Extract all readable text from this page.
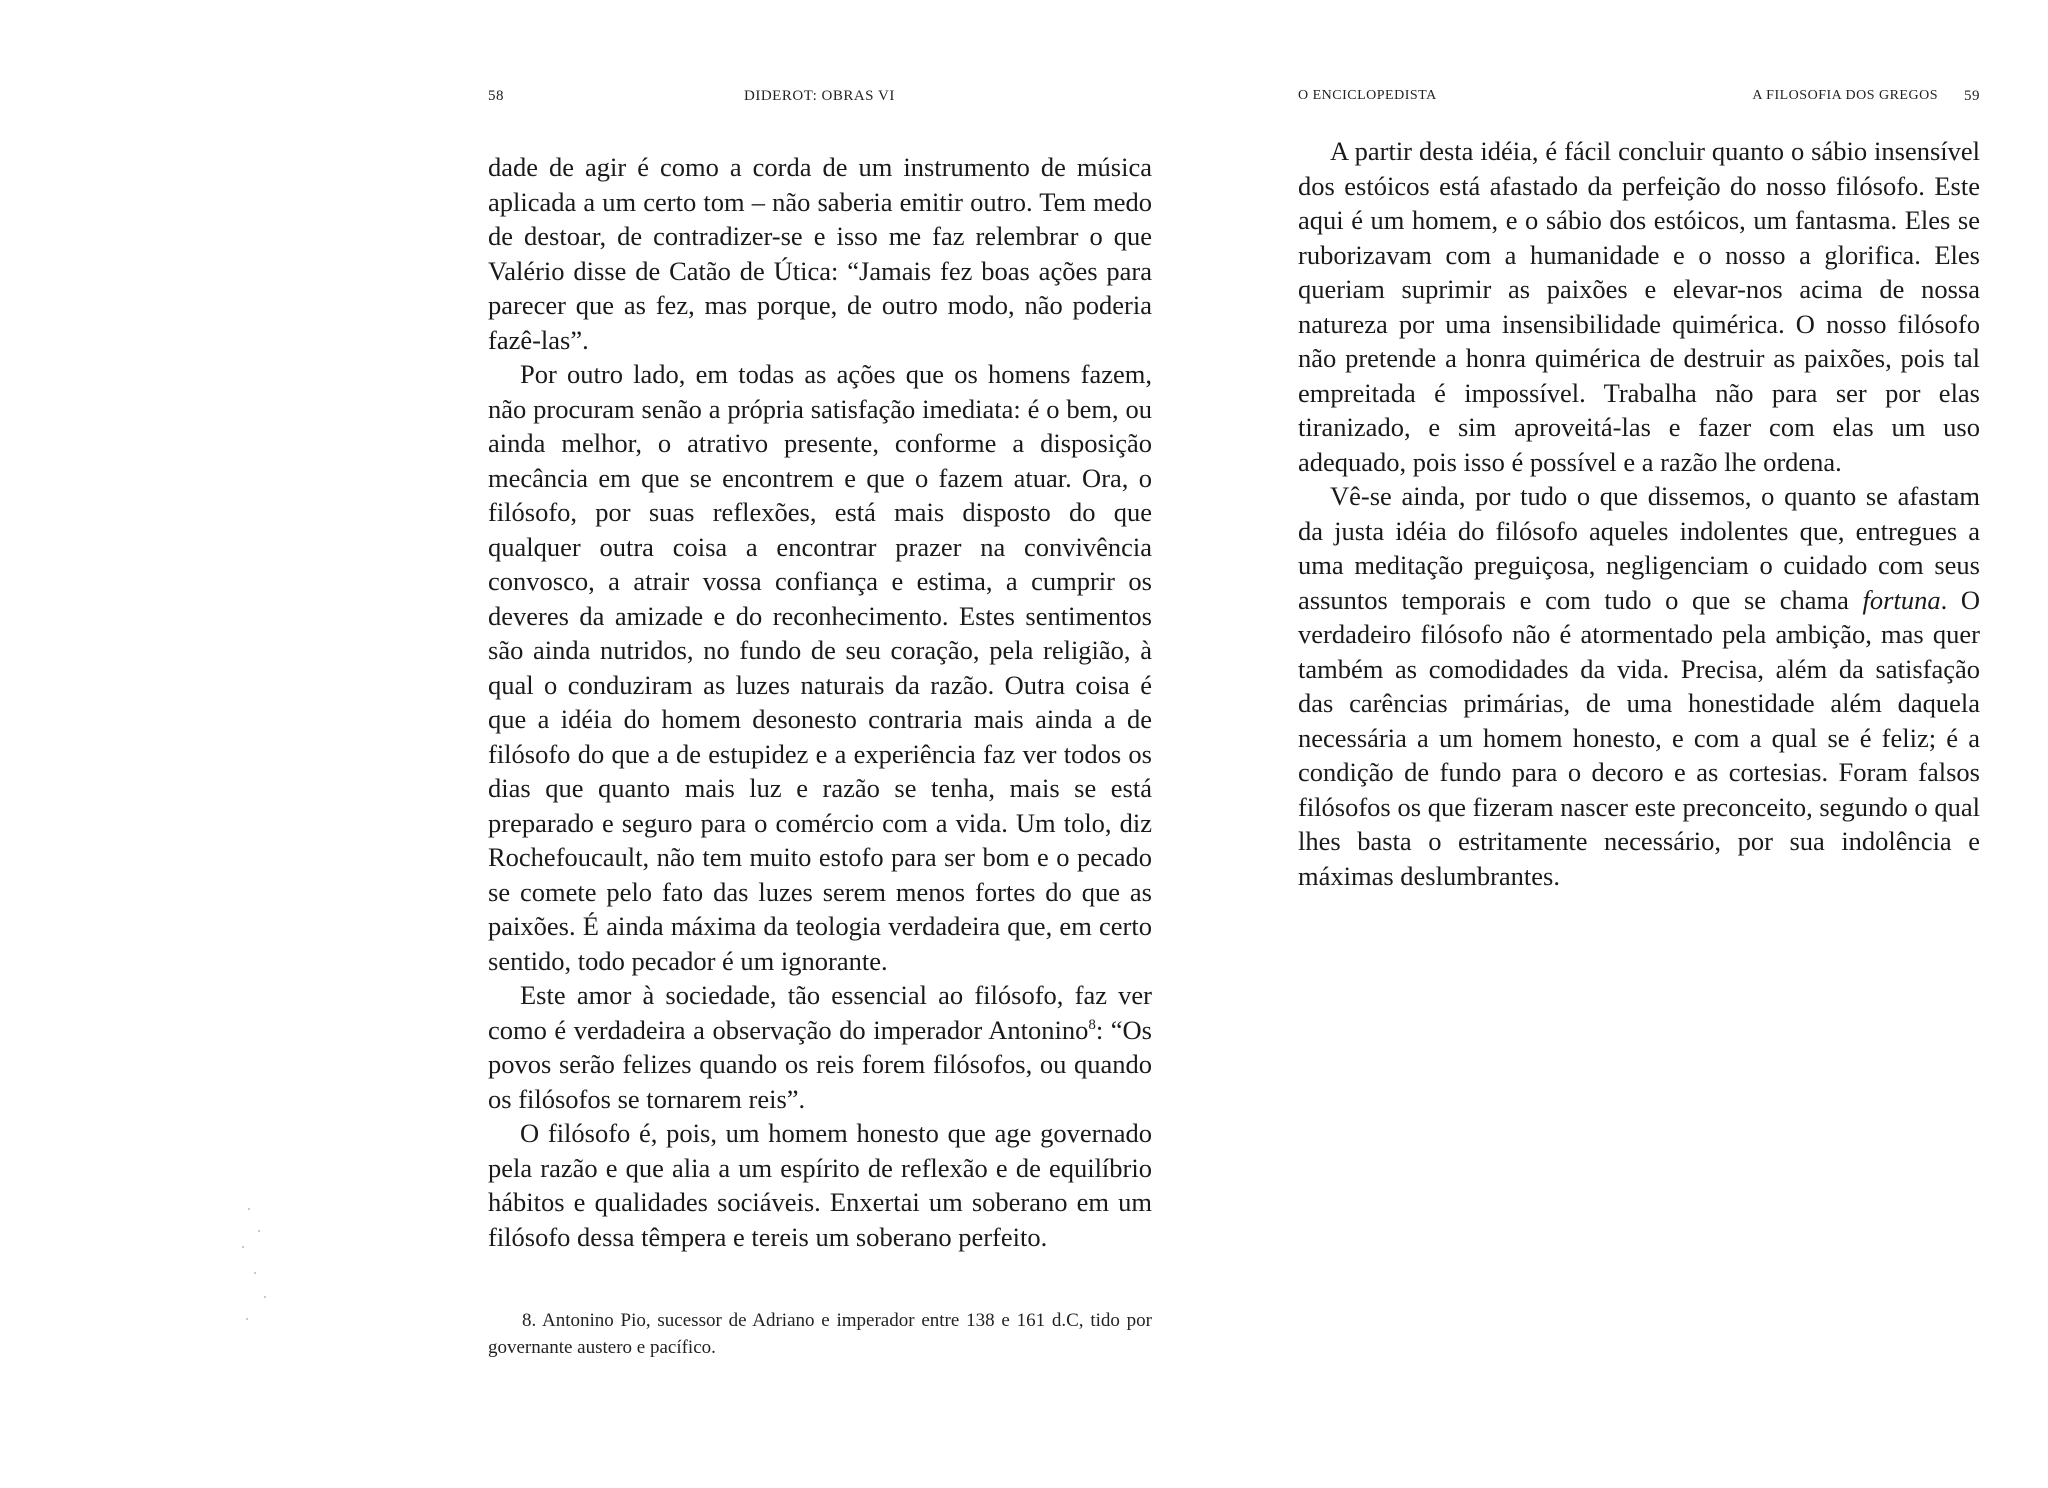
58	DIDEROT: OBRAS VI

dade de agir é como a corda de um instrumento de música aplicada a um certo tom – não saberia emitir outro. Tem medo de destoar, de contradizer-se e isso me faz relembrar o que Valério disse de Catão de Útica: “Jamais fez boas ações para parecer que as fez, mas porque, de outro modo, não poderia fazê-las”.

Por outro lado, em todas as ações que os homens fazem, não procuram senão a própria satisfação imediata: é o bem, ou ainda melhor, o atrativo presente, conforme a disposição mecância em que se encontrem e que o fazem atuar. Ora, o filósofo, por suas reflexões, está mais disposto do que qualquer outra coisa a encontrar prazer na convivência convosco, a atrair vossa confiança e estima, a cumprir os deveres da amizade e do reconhecimento. Estes sentimentos são ainda nutridos, no fundo de seu coração, pela religião, à qual o conduziram as luzes naturais da razão. Outra coisa é que a idéia do homem desonesto contraria mais ainda a de filósofo do que a de estupidez e a experiência faz ver todos os dias que quanto mais luz e razão se tenha, mais se está preparado e seguro para o comércio com a vida. Um tolo, diz Rochefoucault, não tem muito estofo para ser bom e o pecado se comete pelo fato das luzes serem menos fortes do que as paixões. É ainda máxima da teologia verdadeira que, em certo sentido, todo pecador é um ignorante.

Este amor à sociedade, tão essencial ao filósofo, faz ver como é verdadeira a observação do imperador Antonino$^8$: “Os povos serão felizes quando os reis forem filósofos, ou quando os filósofos se tornarem reis”.

O filósofo é, pois, um homem honesto que age governado pela razão e que alia a um espírito de reflexão e de equilíbrio hábitos e qualidades sociáveis. Enxertai um soberano em um filósofo dessa têmpera e tereis um soberano perfeito.

8. Antonino Pio, sucessor de Adriano e imperador entre 138 e 161 d.C, tido por governante austero e pacífico.

O ENCICLOPEDISTA	A FILOSOFIA DOS GREGOS 59

A partir desta idéia, é fácil concluir quanto o sábio insensível dos estóicos está afastado da perfeição do nosso filósofo. Este aqui é um homem, e o sábio dos estóicos, um fantasma. Eles se ruborizavam com a humanidade e o nosso a glorifica. Eles queriam suprimir as paixões e elevar-nos acima de nossa natureza por uma insensibilidade quimérica. O nosso filósofo não pretende a honra quimérica de destruir as paixões, pois tal empreitada é impossível. Trabalha não para ser por elas tiranizado, e sim aproveitá-las e fazer com elas um uso adequado, pois isso é possível e a razão lhe ordena.

Vê-se ainda, por tudo o que dissemos, o quanto se afastam da justa idéia do filósofo aqueles indolentes que, entregues a uma meditação preguiçosa, negligenciam o cuidado com seus assuntos temporais e com tudo o que se chama fortuna. O verdadeiro filósofo não é atormentado pela ambição, mas quer também as comodidades da vida. Precisa, além da satisfação das carências primárias, de uma honestidade além daquela necessária a um homem honesto, e com a qual se é feliz; é a condição de fundo para o decoro e as cortesias. Foram falsos filósofos os que fizeram nascer este preconceito, segundo o qual lhes basta o estritamente necessário, por sua indolência e máximas deslumbrantes.
